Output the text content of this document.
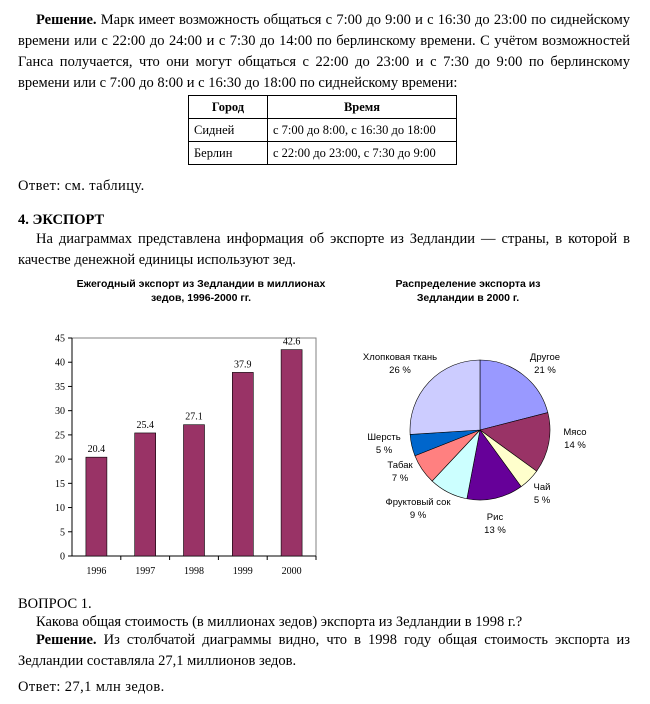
Решение. Марк имеет возможность общаться с 7:00 до 9:00 и с 16:30 до 23:00 по сиднейскому времени или с 22:00 до 24:00 и с 7:30 до 14:00 по берлинскому времени. С учётом возможностей Ганса получается, что они могут общаться с 22:00 до 23:00 и с 7:30 до 9:00 по берлинскому времени или с 7:00 до 8:00 и с 16:30 до 18:00 по сиднейскому времени:
Город	Время
Сидней	с 7:00 до 8:00, с 16:30 до 18:00
Берлин	с 22:00 до 23:00, с 7:30 до 9:00
Ответ: см. таблицу.
4. ЭКСПОРТ
На диаграммах представлена информация об экспорте из Зедландии — страны, в которой в качестве денежной единицы используют зед.
Ежегодный экспорт из Зедландии в миллионах зедов, 1996-2000 гг.
Распределение экспорта из Зедландии в 2000 г.
0
5
10
15
20
25
30
35
40
45
20.4
1996
25.4
1997
27.1
1998
37.9
1999
42.6
2000
Другое
21 %
Мясо
14 %
Чай
5 %
Рис
13 %
Фруктовый сок
9 %
Табак
7 %
Шерсть
5 %
Хлопковая ткань
26 %
ВОПРОС 1.
Какова общая стоимость (в миллионах зедов) экспорта из Зедландии в 1998 г.?
Решение. Из столбчатой диаграммы видно, что в 1998 году общая стоимость экспорта из Зедландии составляла 27,1 миллионов зедов.
Ответ: 27,1 млн зедов.
